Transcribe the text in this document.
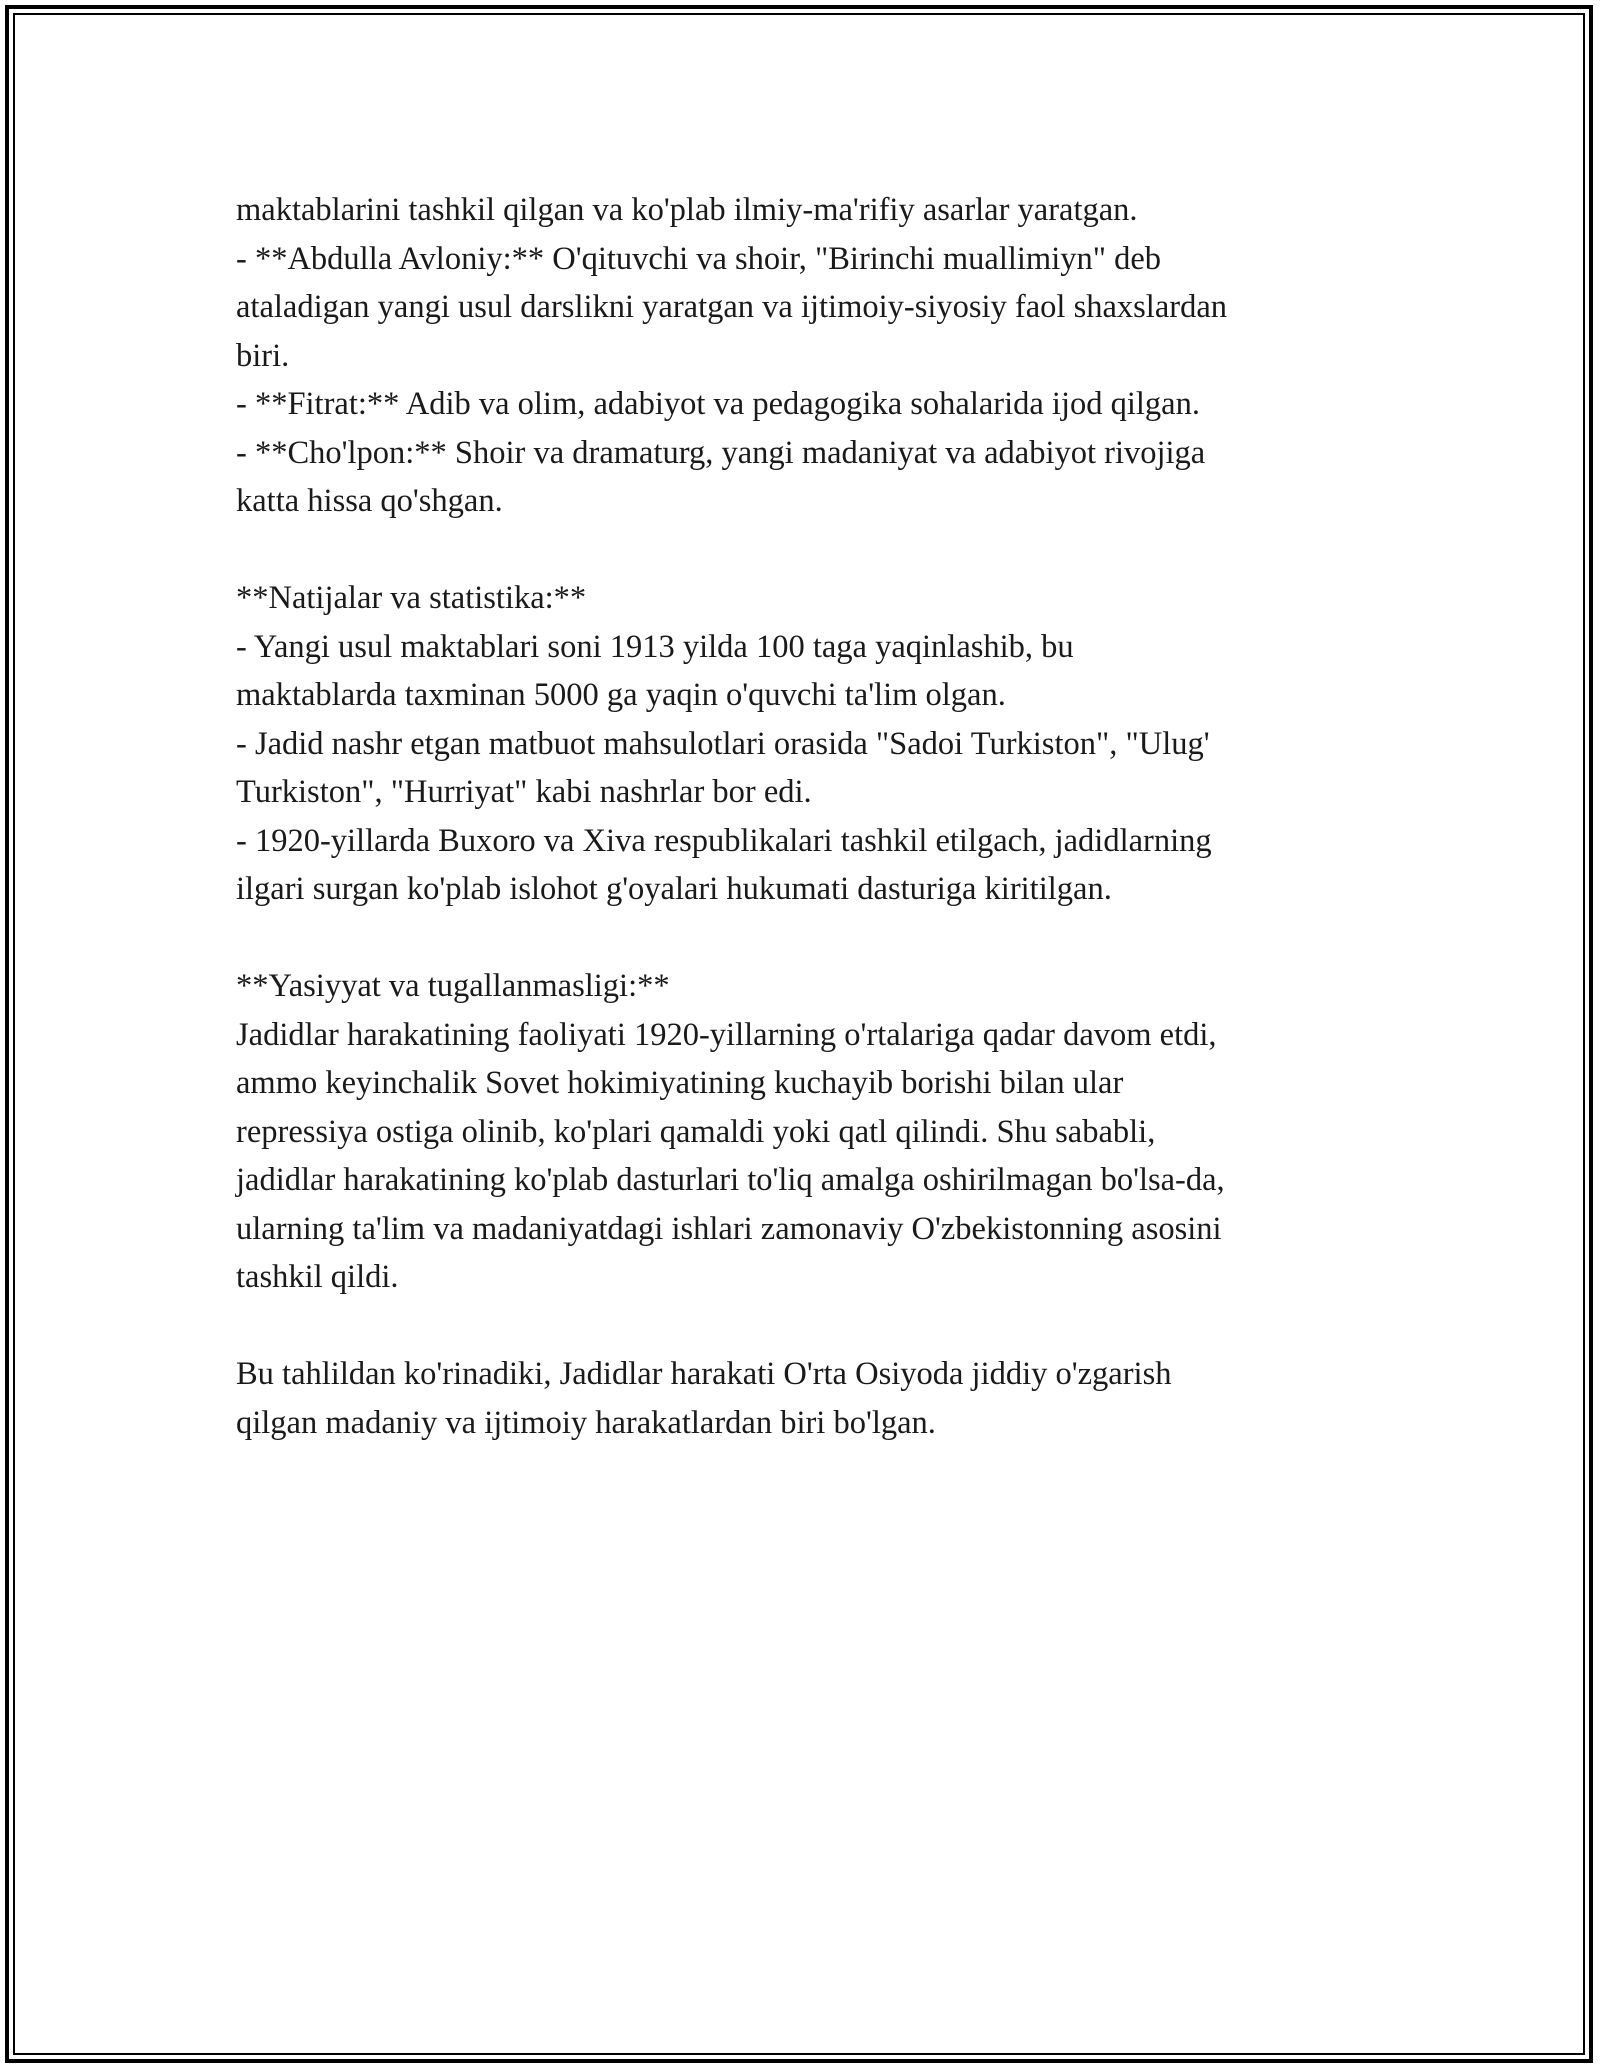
maktablarini tashkil qilgan va ko'plab ilmiy-ma'rifiy asarlar yaratgan.
- **Abdulla Avloniy:** O'qituvchi va shoir, "Birinchi muallimiyn" deb
ataladigan yangi usul darslikni yaratgan va ijtimoiy-siyosiy faol shaxslardan
biri.
- **Fitrat:** Adib va olim, adabiyot va pedagogika sohalarida ijod qilgan.
- **Cho'lpon:** Shoir va dramaturg, yangi madaniyat va adabiyot rivojiga
katta hissa qo'shgan.
**Natijalar va statistika:**
- Yangi usul maktablari soni 1913 yilda 100 taga yaqinlashib, bu
maktablarda taxminan 5000 ga yaqin o'quvchi ta'lim olgan.
- Jadid nashr etgan matbuot mahsulotlari orasida "Sadoi Turkiston", "Ulug'
Turkiston", "Hurriyat" kabi nashrlar bor edi.
- 1920-yillarda Buxoro va Xiva respublikalari tashkil etilgach, jadidlarning
ilgari surgan ko'plab islohot g'oyalari hukumati dasturiga kiritilgan.
**Yasiyyat va tugallanmasligi:**
Jadidlar harakatining faoliyati 1920-yillarning o'rtalariga qadar davom etdi,
ammo keyinchalik Sovet hokimiyatining kuchayib borishi bilan ular
repressiya ostiga olinib, ko'plari qamaldi yoki qatl qilindi. Shu sababli,
jadidlar harakatining ko'plab dasturlari to'liq amalga oshirilmagan bo'lsa-da,
ularning ta'lim va madaniyatdagi ishlari zamonaviy O'zbekistonning asosini
tashkil qildi.
Bu tahlildan ko'rinadiki, Jadidlar harakati O'rta Osiyoda jiddiy o'zgarish
qilgan madaniy va ijtimoiy harakatlardan biri bo'lgan.
